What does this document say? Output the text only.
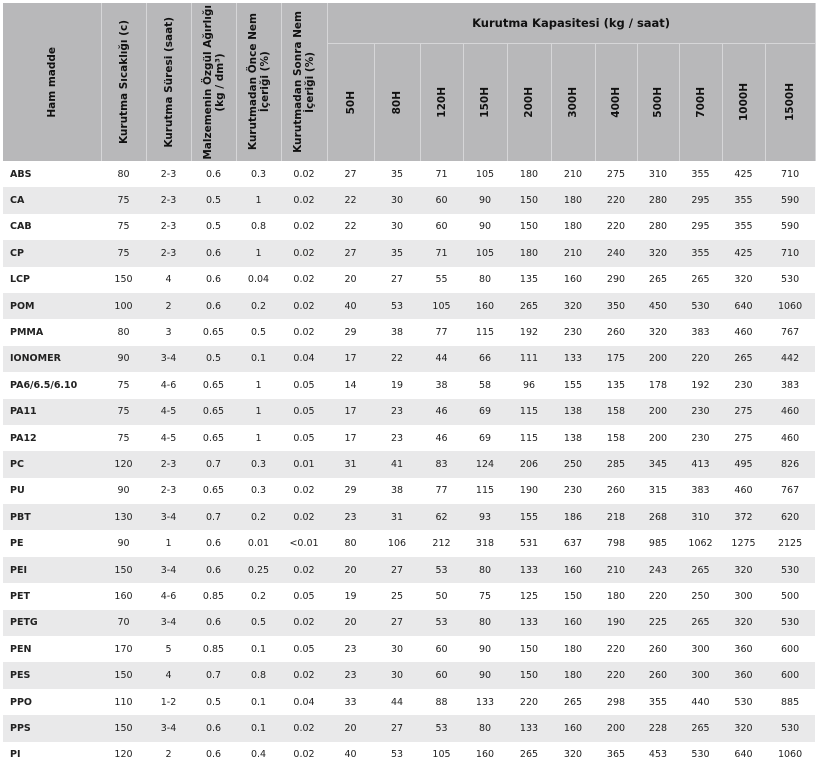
Ham madde	Kurutma Sıcaklığı (c)	Kurutma Süresi (saat)	Malzemenin Özgül Ağırlığı
(kg / dm³)	Kurutmadan Önce Nem
İçeriği (%)	Kurutmadan Sonra Nem
İçeriği (%)	Kurutma Kapasitesi (kg / saat)										

						50H	80H	120H	150H	200H	300H	400H	500H	700H	1000H	1500H

ABS	80	2-3	0.6	0.3	0.02	27	35	71	105	180	210	275	310	355	425	710
CA	75	2-3	0.5	1	0.02	22	30	60	90	150	180	220	280	295	355	590
CAB	75	2-3	0.5	0.8	0.02	22	30	60	90	150	180	220	280	295	355	590
CP	75	2-3	0.6	1	0.02	27	35	71	105	180	210	240	320	355	425	710
LCP	150	4	0.6	0.04	0.02	20	27	55	80	135	160	290	265	265	320	530
POM	100	2	0.6	0.2	0.02	40	53	105	160	265	320	350	450	530	640	1060
PMMA	80	3	0.65	0.5	0.02	29	38	77	115	192	230	260	320	383	460	767
IONOMER	90	3-4	0.5	0.1	0.04	17	22	44	66	111	133	175	200	220	265	442
PA6/6.5/6.10	75	4-6	0.65	1	0.05	14	19	38	58	96	155	135	178	192	230	383
PA11	75	4-5	0.65	1	0.05	17	23	46	69	115	138	158	200	230	275	460
PA12	75	4-5	0.65	1	0.05	17	23	46	69	115	138	158	200	230	275	460
PC	120	2-3	0.7	0.3	0.01	31	41	83	124	206	250	285	345	413	495	826
PU	90	2-3	0.65	0.3	0.02	29	38	77	115	190	230	260	315	383	460	767
PBT	130	3-4	0.7	0.2	0.02	23	31	62	93	155	186	218	268	310	372	620
PE	90	1	0.6	0.01	<0.01	80	106	212	318	531	637	798	985	1062	1275	2125
PEI	150	3-4	0.6	0.25	0.02	20	27	53	80	133	160	210	243	265	320	530
PET	160	4-6	0.85	0.2	0.05	19	25	50	75	125	150	180	220	250	300	500
PETG	70	3-4	0.6	0.5	0.02	20	27	53	80	133	160	190	225	265	320	530
PEN	170	5	0.85	0.1	0.05	23	30	60	90	150	180	220	260	300	360	600
PES	150	4	0.7	0.8	0.02	23	30	60	90	150	180	220	260	300	360	600
PPO	110	1-2	0.5	0.1	0.04	33	44	88	133	220	265	298	355	440	530	885
PPS	150	3-4	0.6	0.1	0.02	20	27	53	80	133	160	200	228	265	320	530
PI	120	2	0.6	0.4	0.02	40	53	105	160	265	320	365	453	530	640	1060
